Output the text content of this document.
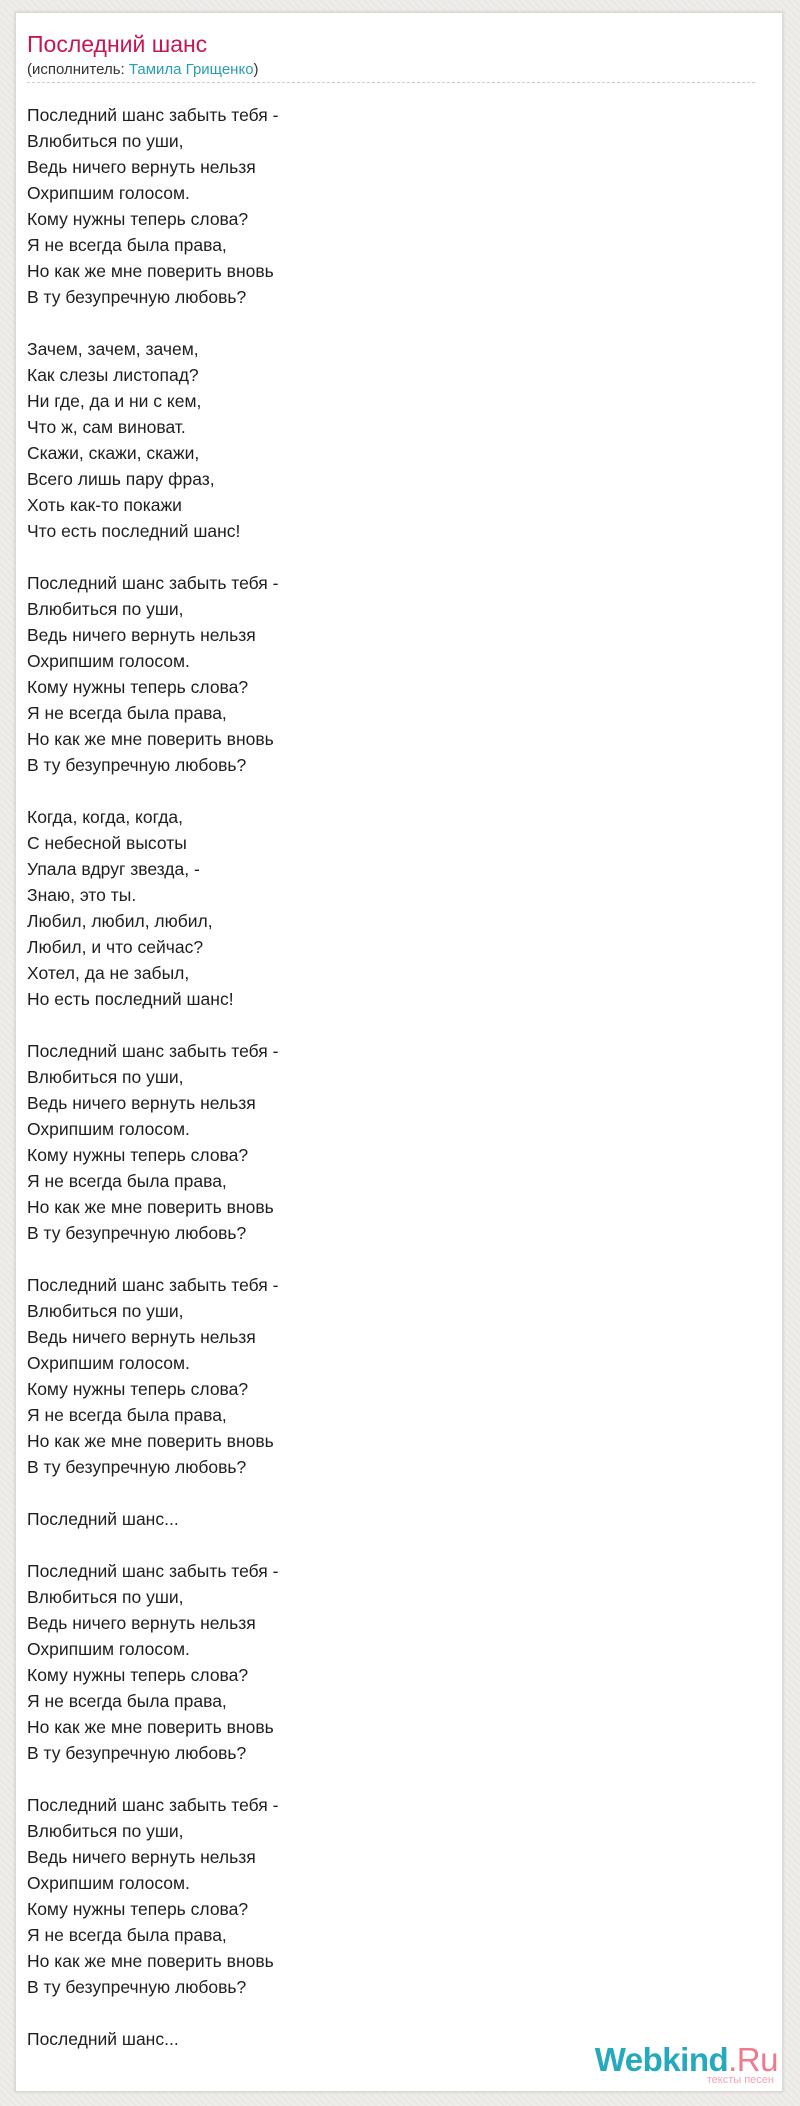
Последний шанс
(исполнитель: Тамила Грищенко)
Последний шанс забыть тебя -
Влюбиться по уши,
Ведь ничего вернуть нельзя
Охрипшим голосом.
Кому нужны теперь слова?
Я не всегда была права,
Но как же мне поверить вновь
В ту безупречную любовь?
Зачем, зачем, зачем,
Как слезы листопад?
Ни где, да и ни с кем,
Что ж, сам виноват.
Скажи, скажи, скажи,
Всего лишь пару фраз,
Хоть как-то покажи
Что есть последний шанс!
Последний шанс забыть тебя -
Влюбиться по уши,
Ведь ничего вернуть нельзя
Охрипшим голосом.
Кому нужны теперь слова?
Я не всегда была права,
Но как же мне поверить вновь
В ту безупречную любовь?
Когда, когда, когда,
С небесной высоты
Упала вдруг звезда, -
Знаю, это ты.
Любил, любил, любил,
Любил, и что сейчас?
Хотел, да не забыл,
Но есть последний шанс!
Последний шанс забыть тебя -
Влюбиться по уши,
Ведь ничего вернуть нельзя
Охрипшим голосом.
Кому нужны теперь слова?
Я не всегда была права,
Но как же мне поверить вновь
В ту безупречную любовь?
Последний шанс забыть тебя -
Влюбиться по уши,
Ведь ничего вернуть нельзя
Охрипшим голосом.
Кому нужны теперь слова?
Я не всегда была права,
Но как же мне поверить вновь
В ту безупречную любовь?
Последний шанс...
Последний шанс забыть тебя -
Влюбиться по уши,
Ведь ничего вернуть нельзя
Охрипшим голосом.
Кому нужны теперь слова?
Я не всегда была права,
Но как же мне поверить вновь
В ту безупречную любовь?
Последний шанс забыть тебя -
Влюбиться по уши,
Ведь ничего вернуть нельзя
Охрипшим голосом.
Кому нужны теперь слова?
Я не всегда была права,
Но как же мне поверить вновь
В ту безупречную любовь?
Последний шанс...
Webkind.Ru
тексты песен
